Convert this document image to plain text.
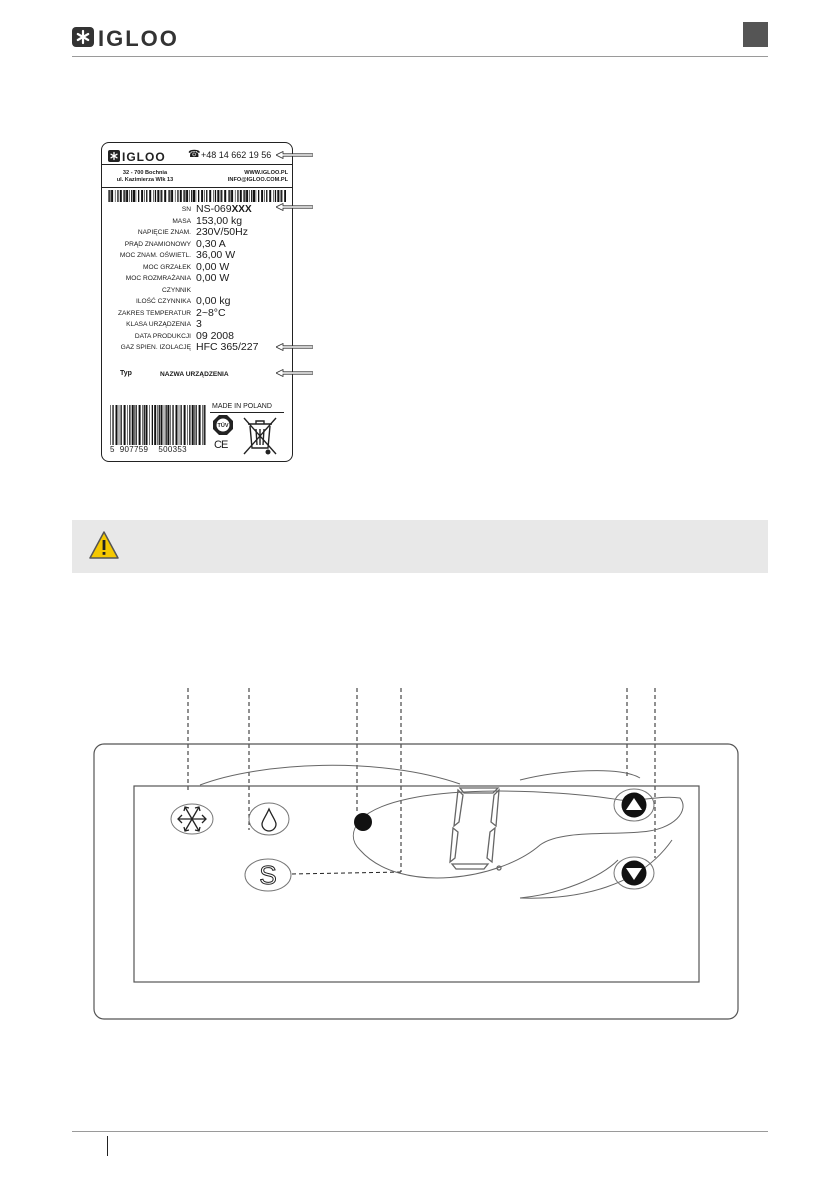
IGLOO
IGLOO ☎ +48 14 662 19 56
32 - 700 Bochnia
ul. Kazimierza Wlk 13
WWW.IGLOO.PL
INFO@IGLOO.COM.PL
SN NS-069XXX
MASA 153,00 kg
NAPIĘCIE ZNAM. 230V/50Hz
PRĄD ZNAMIONOWY 0,30 A
MOC ZNAM. OŚWIETL. 36,00 W
MOC GRZAŁEK 0,00 W
MOC ROZMRAŻANIA 0,00 W
CZYNNIK
ILOŚĆ CZYNNIKA 0,00 kg
ZAKRES TEMPERATUR 2~8°C
KLASA URZĄDZENIA 3
DATA PRODUKCJI 09 2008
GAZ SPIEN. IZOLACJĘ HFC 365/227
Typ	NAZWA URZĄDZENIA
5 907759 500353
MADE IN POLAND
TÜV
CE
S
